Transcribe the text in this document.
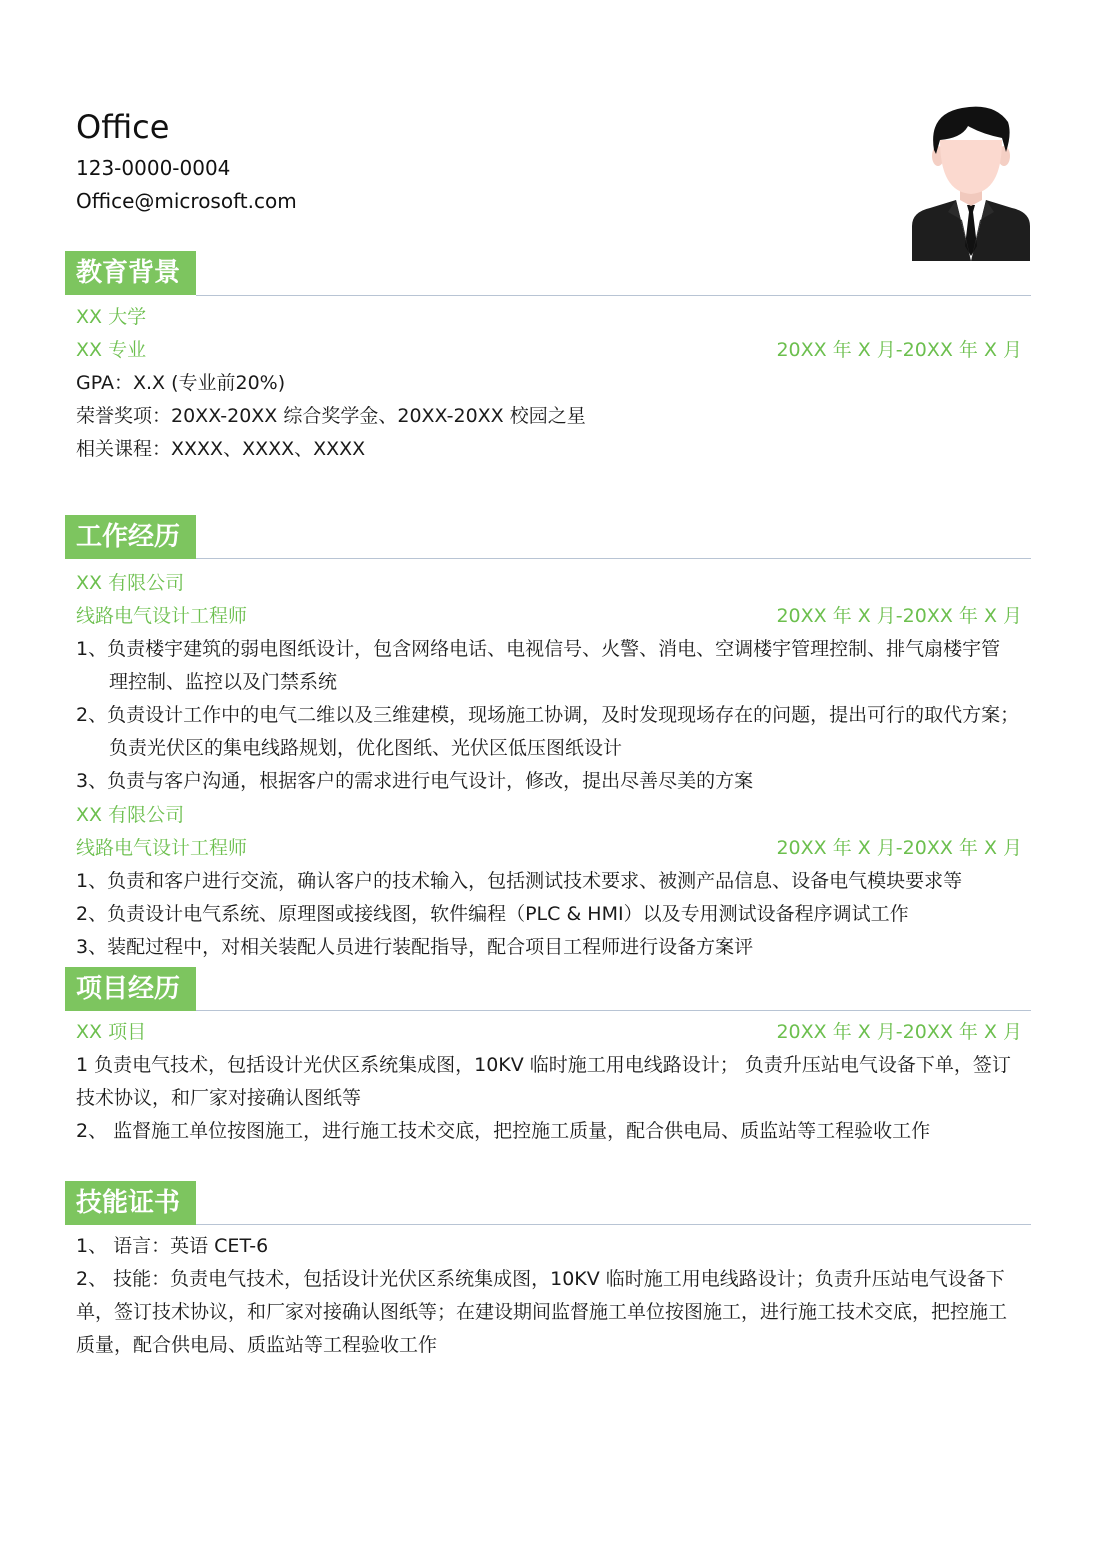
Office
123-0000-0004
Office@microsoft.com
教育背景
XX 大学
XX 专业	20XX 年 X 月-20XX 年 X 月
GPA：X.X (专业前20%)
荣誉奖项：20XX-20XX 综合奖学金、20XX-20XX 校园之星
相关课程：XXXX、XXXX、XXXX
工作经历
XX 有限公司
线路电气设计工程师	20XX 年 X 月-20XX 年 X 月
1、负责楼宇建筑的弱电图纸设计，包含网络电话、电视信号、火警、消电、空调楼宇管理控制、排气扇楼宇管
理控制、监控以及门禁系统
2、负责设计工作中的电气二维以及三维建模，现场施工协调，及时发现现场存在的问题，提出可行的取代方案；
负责光伏区的集电线路规划，优化图纸、光伏区低压图纸设计
3、负责与客户沟通，根据客户的需求进行电气设计，修改，提出尽善尽美的方案
XX 有限公司
线路电气设计工程师	20XX 年 X 月-20XX 年 X 月
1、负责和客户进行交流，确认客户的技术输入，包括测试技术要求、被测产品信息、设备电气模块要求等
2、负责设计电气系统、原理图或接线图，软件编程（PLC & HMI）以及专用测试设备程序调试工作
3、装配过程中，对相关装配人员进行装配指导，配合项目工程师进行设备方案评
项目经历
XX 项目	20XX 年 X 月-20XX 年 X 月
1 负责电气技术，包括设计光伏区系统集成图，10KV 临时施工用电线路设计； 负责升压站电气设备下单，签订
技术协议，和厂家对接确认图纸等
2、 监督施工单位按图施工，进行施工技术交底，把控施工质量，配合供电局、质监站等工程验收工作
技能证书
1、 语言：英语 CET-6
2、 技能：负责电气技术，包括设计光伏区系统集成图，10KV 临时施工用电线路设计；负责升压站电气设备下
单，签订技术协议，和厂家对接确认图纸等；在建设期间监督施工单位按图施工，进行施工技术交底，把控施工
质量，配合供电局、质监站等工程验收工作
